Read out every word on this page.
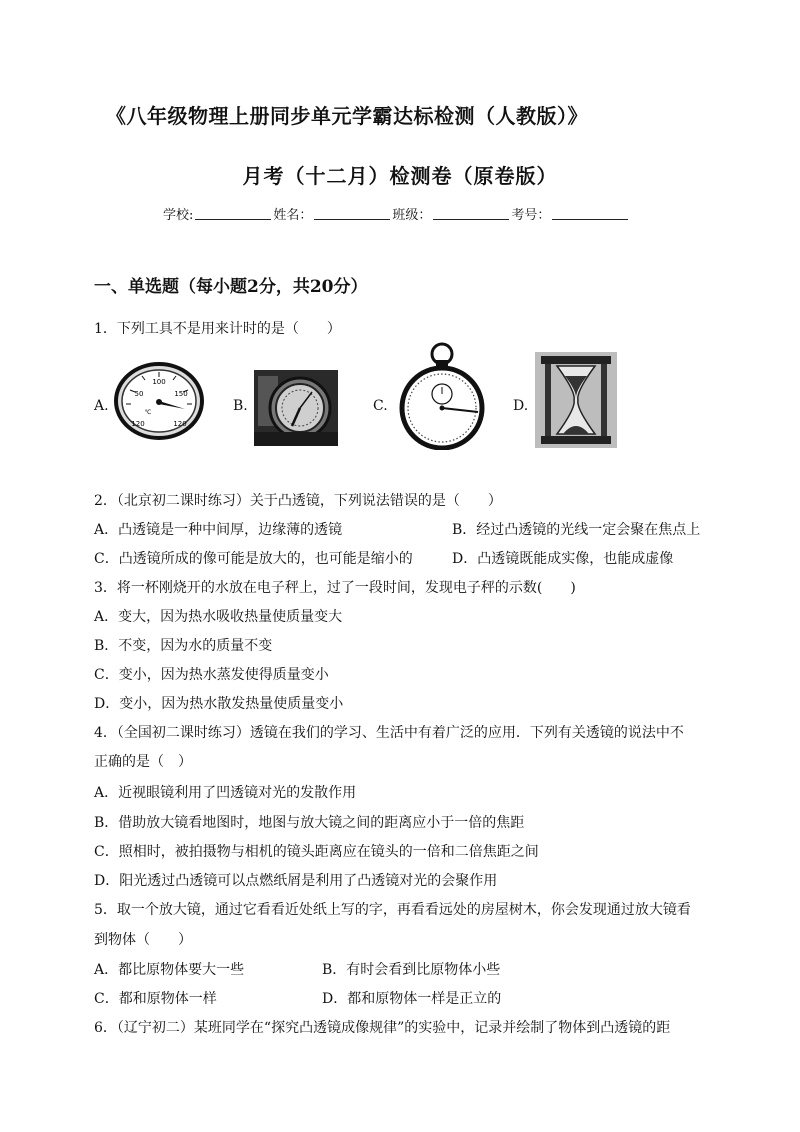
《八年级物理上册同步单元学霸达标检测（人教版）》
月考（十二月）检测卷（原卷版）
学校:	姓名：	班级：	考号：
一、单选题（每小题2分，共20分）
1．下列工具不是用来计时的是（　　）
A.
100
50	150
℃
120	120
B.	C.	D.
2．（北京初二课时练习）关于凸透镜，下列说法错误的是（　　）
A．凸透镜是一种中间厚，边缘薄的透镜	B．经过凸透镜的光线一定会聚在焦点上
C．凸透镜所成的像可能是放大的，也可能是缩小的	D．凸透镜既能成实像，也能成虚像
3．将一杯刚烧开的水放在电子秤上，过了一段时间，发现电子秤的示数(　　)
A．变大，因为热水吸收热量使质量变大
B．不变，因为水的质量不变
C．变小，因为热水蒸发使得质量变小
D．变小，因为热水散发热量使质量变小
4．（全国初二课时练习）透镜在我们的学习、生活中有着广泛的应用．下列有关透镜的说法中不
正确的是（　）
A．近视眼镜利用了凹透镜对光的发散作用
B．借助放大镜看地图时，地图与放大镜之间的距离应小于一倍的焦距
C．照相时，被拍摄物与相机的镜头距离应在镜头的一倍和二倍焦距之间
D．阳光透过凸透镜可以点燃纸屑是利用了凸透镜对光的会聚作用
5．取一个放大镜，通过它看看近处纸上写的字，再看看远处的房屋树木，你会发现通过放大镜看
到物体（　　）
A．都比原物体要大一些	B．有时会看到比原物体小些
C．都和原物体一样	D．都和原物体一样是正立的
6．（辽宁初二）某班同学在“探究凸透镜成像规律”的实验中，记录并绘制了物体到凸透镜的距
